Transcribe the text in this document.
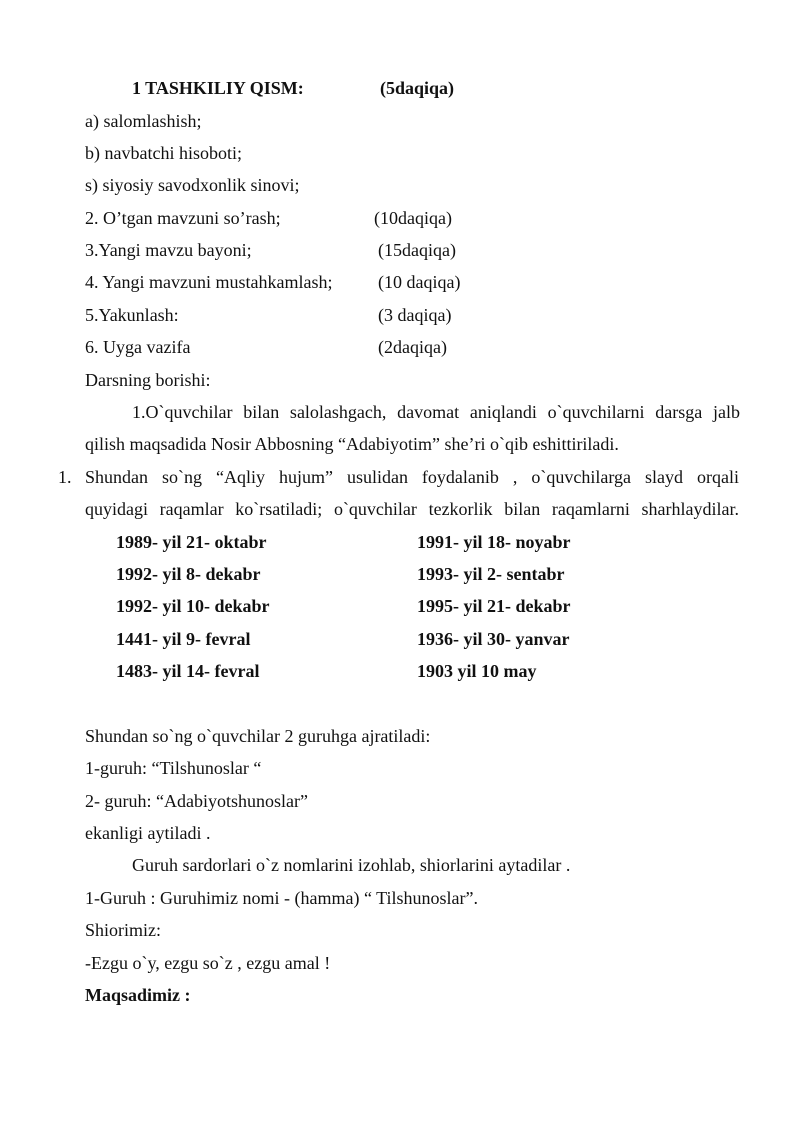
1 TASHKILIY QISM:	(5daqiqa)
a) salomlashish;
b) navbatchi hisoboti;
s) siyosiy savodxonlik sinovi;
2. O’tgan mavzuni so’rash;	(10daqiqa)
3.Yangi mavzu bayoni;	(15daqiqa)
4. Yangi mavzuni mustahkamlash;	(10 daqiqa)
5.Yakunlash:	(3 daqiqa)
6. Uyga vazifa	(2daqiqa)
Darsning borishi:
1.O`quvchilar bilan salolashgach, davomat aniqlandi o`quvchilarni darsga jalb
qilish maqsadida Nosir Abbosning “Adabiyotim” she’ri o`qib eshittiriladi.
1. Shundan so`ng “Aqliy hujum” usulidan foydalanib , o`quvchilarga slayd orqali
quyidagi raqamlar ko`rsatiladi; o`quvchilar tezkorlik bilan raqamlarni sharhlaydilar.
1989- yil 21- oktabr	1991- yil 18- noyabr
1992- yil 8- dekabr	1993- yil 2- sentabr
1992- yil 10- dekabr	1995- yil 21- dekabr
1441- yil 9- fevral	1936- yil 30- yanvar
1483- yil 14- fevral	1903 yil 10 may
Shundan so`ng o`quvchilar 2 guruhga ajratiladi:
1-guruh: “Tilshunoslar “
2- guruh: “Adabiyotshunoslar”
ekanligi aytiladi .
Guruh sardorlari o`z nomlarini izohlab, shiorlarini aytadilar .
1-Guruh : Guruhimiz nomi - (hamma) “ Tilshunoslar”.
Shiorimiz:
-Ezgu o`y, ezgu so`z , ezgu amal !
Maqsadimiz :
